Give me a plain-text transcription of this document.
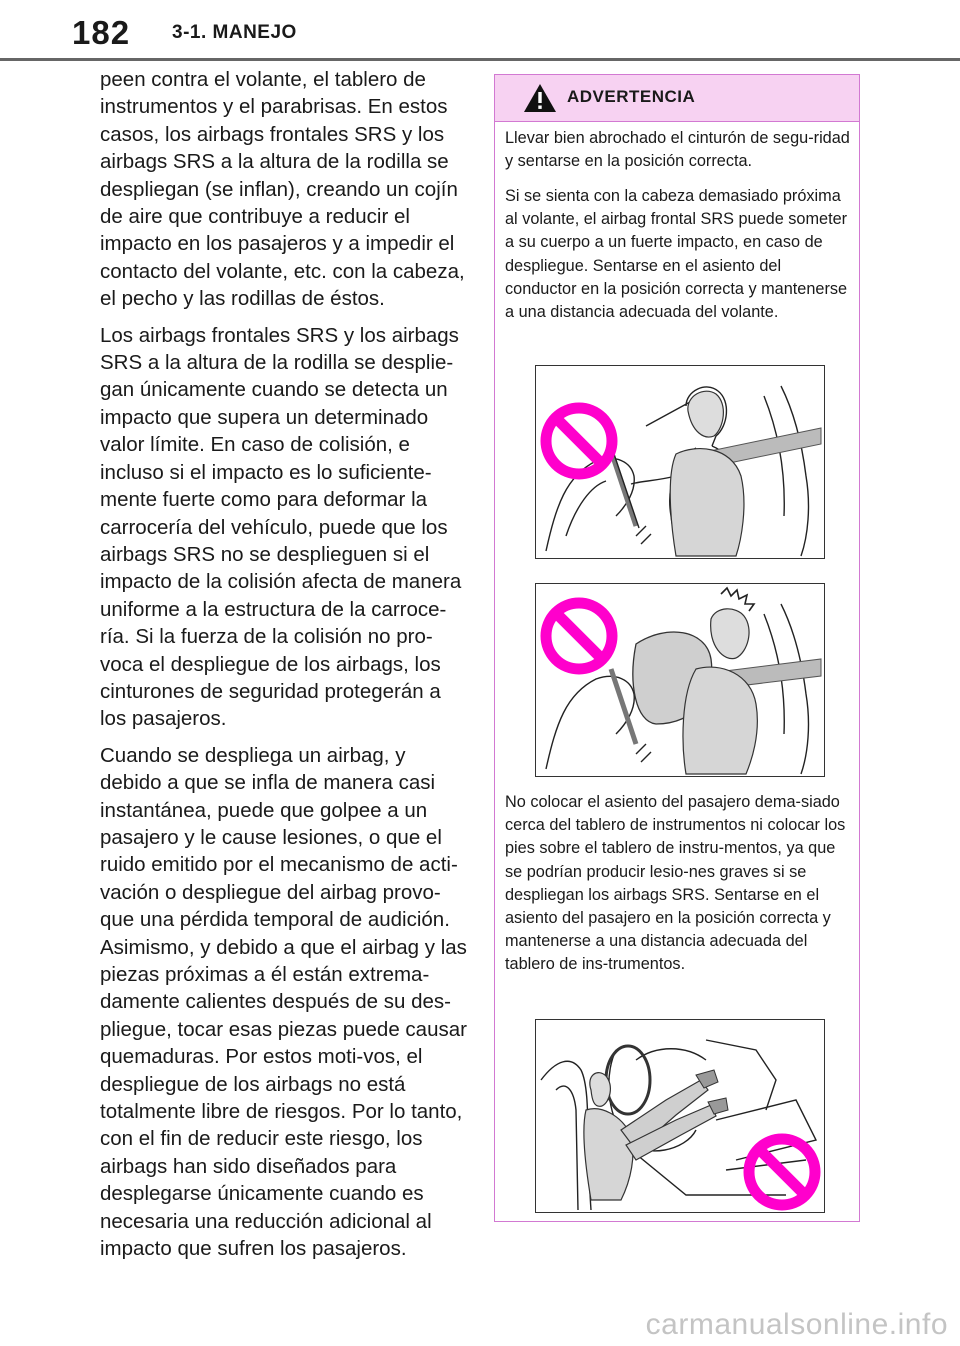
182 3-1. MANEJO

peen contra el volante, el tablero de instrumentos y el parabrisas. En estos casos, los airbags frontales SRS y los airbags SRS a la altura de la rodilla se despliegan (se inflan), creando un cojín de aire que contribuye a reducir el impacto en los pasajeros y a impedir el contacto del volante, etc. con la cabeza, el pecho y las rodillas de éstos.

Los airbags frontales SRS y los airbags SRS a la altura de la rodilla se desplie-gan únicamente cuando se detecta un impacto que supera un determinado valor límite. En caso de colisión, e incluso si el impacto es lo suficiente-mente fuerte como para deformar la carrocería del vehículo, puede que los airbags SRS no se desplieguen si el impacto de la colisión afecta de manera uniforme a la estructura de la carroce-ría. Si la fuerza de la colisión no pro-voca el despliegue de los airbags, los cinturones de seguridad protegerán a los pasajeros.

Cuando se despliega un airbag, y debido a que se infla de manera casi instantánea, puede que golpee a un pasajero y le cause lesiones, o que el ruido emitido por el mecanismo de acti-vación o despliegue del airbag provo-que una pérdida temporal de audición. Asimismo, y debido a que el airbag y las piezas próximas a él están extrema-damente calientes después de su des-pliegue, tocar esas piezas puede causar quemaduras. Por estos moti-vos, el despliegue de los airbags no está totalmente libre de riesgos. Por lo tanto, con el fin de reducir este riesgo, los airbags han sido diseñados para desplegarse únicamente cuando es necesaria una reducción adicional al impacto que sufren los pasajeros.

ADVERTENCIA
Llevar bien abrochado el cinturón de segu-ridad y sentarse en la posición correcta.
Si se sienta con la cabeza demasiado próxima al volante, el airbag frontal SRS puede someter a su cuerpo a un fuerte impacto, en caso de despliegue. Sentarse en el asiento del conductor en la posición correcta y mantenerse a una distancia adecuada del volante.
No colocar el asiento del pasajero dema-siado cerca del tablero de instrumentos ni colocar los pies sobre el tablero de instru-mentos, ya que se podrían producir lesio-nes graves si se despliegan los airbags SRS. Sentarse en el asiento del pasajero en la posición correcta y mantenerse a una distancia adecuada del tablero de ins-trumentos.
carmanualsonline.info
